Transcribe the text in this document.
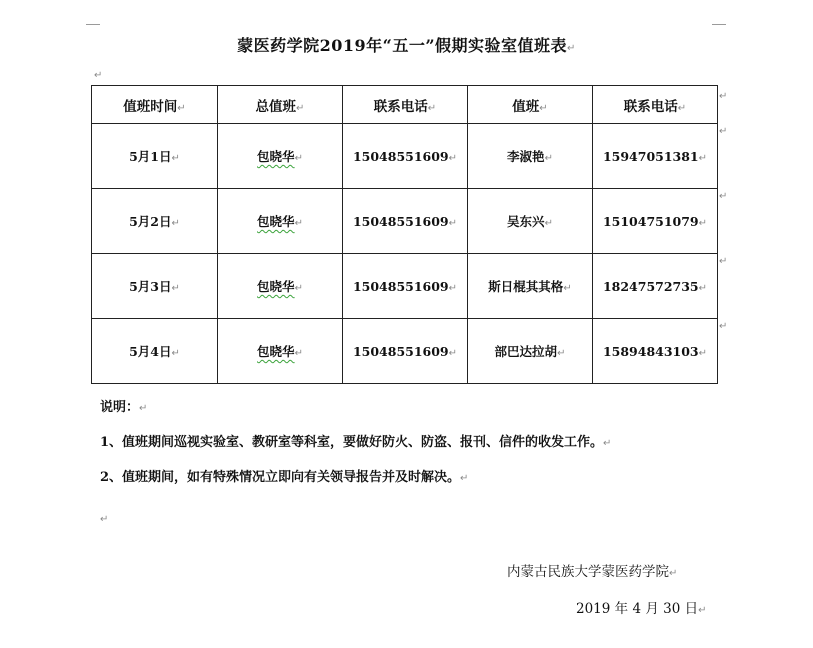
蒙医药学院2019年“五一”假期实验室值班表↵
↵
值班时间↵	总值班↵	联系电话↵	值班↵	联系电话↵
5月1日↵	包晓华↵	15048551609↵	李淑艳↵	15947051381↵
5月2日↵	包晓华↵	15048551609↵	吴东兴↵	15104751079↵
5月3日↵	包晓华↵	15048551609↵	斯日棍其其格↵	18247572735↵
5月4日↵	包晓华↵	15048551609↵	部巴达拉胡↵	15894843103↵
↵
↵
↵
↵
↵
说明：↵
1、值班期间巡视实验室、教研室等科室，要做好防火、防盗、报刊、信件的收发工作。↵
2、值班期间，如有特殊情况立即向有关领导报告并及时解决。↵
↵
内蒙古民族大学蒙医药学院↵
2019 年 4 月 30 日↵
